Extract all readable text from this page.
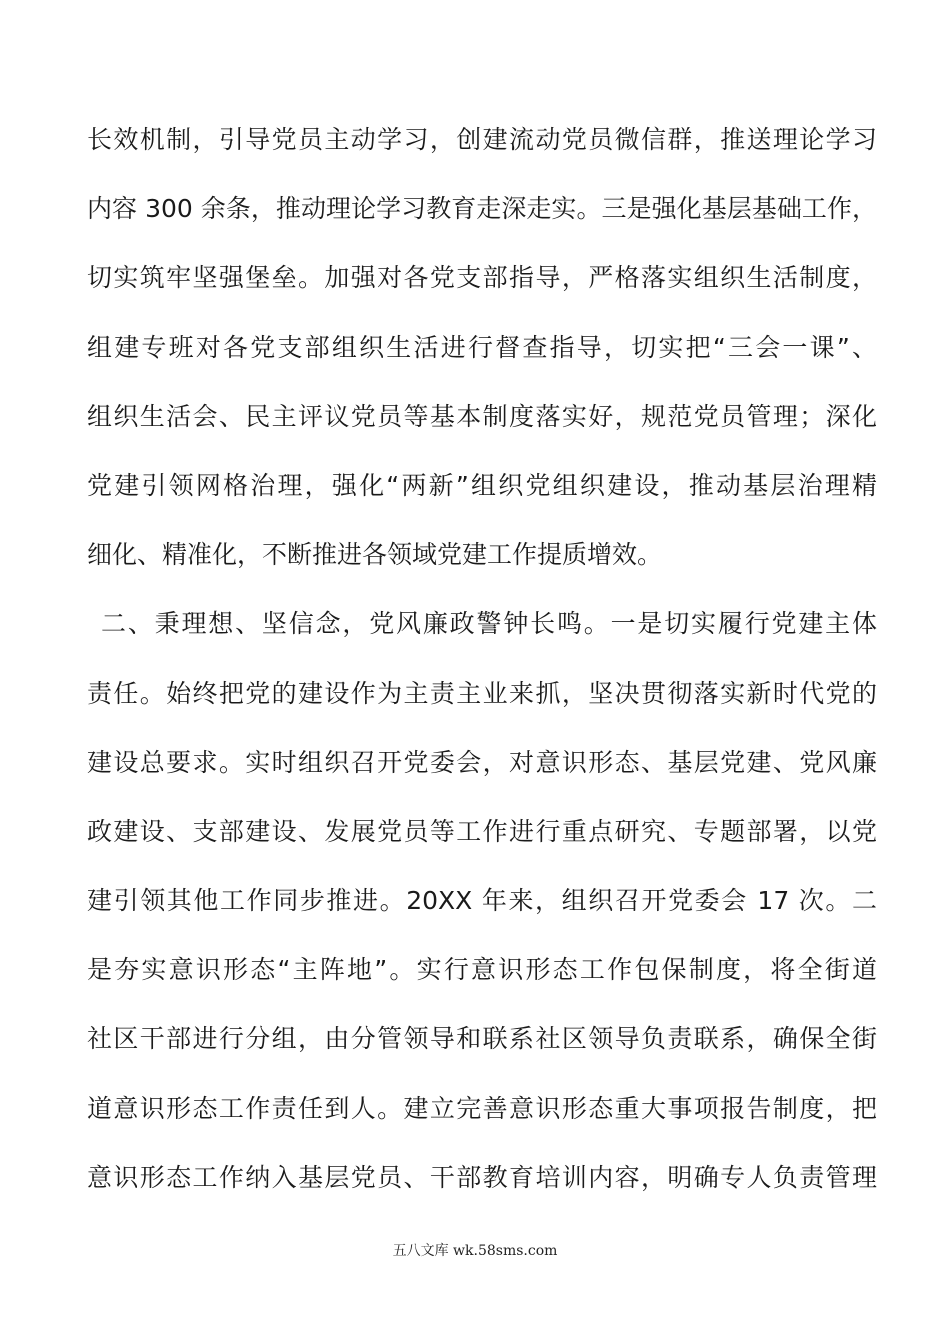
长效机制，引导党员主动学习，创建流动党员微信群，推送理论学习
内容 300 余条，推动理论学习教育走深走实。三是强化基层基础工作，
切实筑牢坚强堡垒。加强对各党支部指导，严格落实组织生活制度，
组建专班对各党支部组织生活进行督查指导，切实把“三会一课”、
组织生活会、民主评议党员等基本制度落实好，规范党员管理；深化
党建引领网格治理，强化“两新”组织党组织建设，推动基层治理精
细化、精准化，不断推进各领域党建工作提质增效。
二、秉理想、坚信念，党风廉政警钟长鸣。一是切实履行党建主体
责任。始终把党的建设作为主责主业来抓，坚决贯彻落实新时代党的
建设总要求。实时组织召开党委会，对意识形态、基层党建、党风廉
政建设、支部建设、发展党员等工作进行重点研究、专题部署，以党
建引领其他工作同步推进。20XX 年来，组织召开党委会 17 次。二
是夯实意识形态“主阵地”。实行意识形态工作包保制度，将全街道
社区干部进行分组，由分管领导和联系社区领导负责联系，确保全街
道意识形态工作责任到人。建立完善意识形态重大事项报告制度，把
意识形态工作纳入基层党员、干部教育培训内容，明确专人负责管理
五八文库 wk.58sms.com
